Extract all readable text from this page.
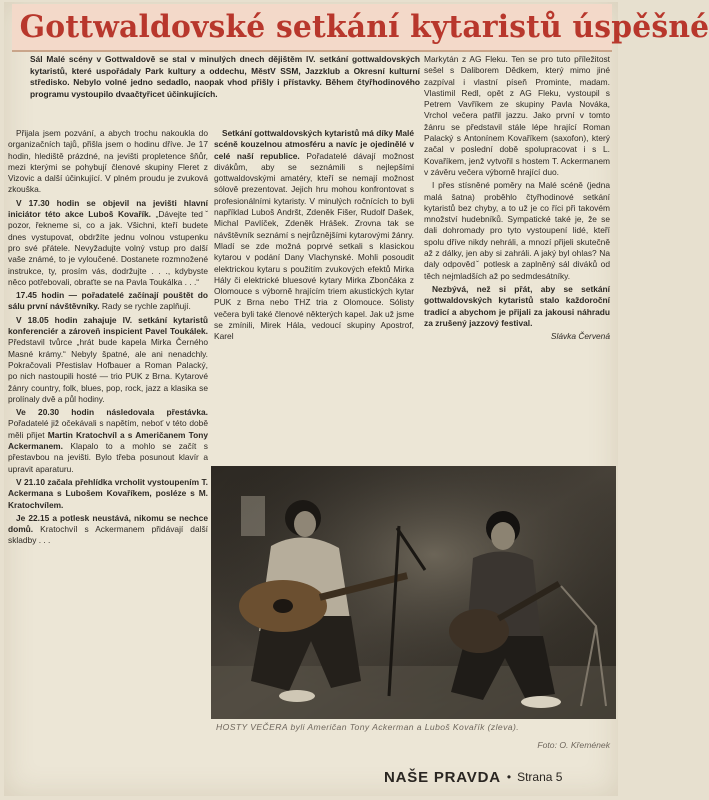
Gottwaldovské setkání kytaristů úspěšné

Sál Malé scény v Gottwaldově se stal v minulých dnech dějištěm IV. setkání gottwaldovských kytaristů, které uspořádaly Park kultury a oddechu, MěstV SSM, Jazzklub a Okresní kulturní středisko. Nebylo volné jedno sedadlo, naopak vhod přišly i přístavky. Během čtyřhodinového programu vystoupilo dvaačtyřicet účinkujících.

Přijala jsem pozvání, a abych trochu nakoukla do organizačních tajů, přišla jsem o hodinu dříve. Je 17 hodin, hlediště prázdné, na jevišti propletence šňůr, mezi kterými se pohybují členové skupiny Fleret z Vizovic a další účinkující. V plném proudu je zvuková zkouška.

V 17.30 hodin se objevil na jevišti hlavní iniciátor této akce Luboš Kovařík. „Dávejte tedˇ pozor, řekneme si, co a jak. Všichni, kteří budete dnes vystupovat, obdržíte jednu volnou vstupenku pro své přátele. Nevyžadujte volný vstup pro další vaše známé, to je vyloučené. Dostanete rozmnožené instrukce, ty, prosím vás, dodržujte . . ., kdybyste něco potřebovali, obraťte se na Pavla Toukálka . . .“

17.45 hodin — pořadatelé začínají pouštět do sálu první návštěvníky. Rady se rychle zaplňují.

V 18.05 hodin zahajuje IV. setkání kytaristů konferenciér a zároveň inspicient Pavel Toukálek. Představil tvůrce „hrát bude kapela Mirka Černého Masné krámy.“ Nebyly špatné, ale ani nenadchly. Pokračovali Přestislav Hofbauer a Roman Palacký, po nich nastoupili hosté — trio PUK z Brna. Kytarové žánry country, folk, blues, pop, rock, jazz a klasika se prolínaly dvě a půl hodiny.

Ve 20.30 hodin následovala přestávka. Pořadatelé již očekávali s napětím, neboť v této době měli přijet Martin Kratochvíl a s Američanem Tony Ackermanem. Klapalo to a mohlo se začít s přestavbou na jevišti. Bylo třeba posunout klavír a upravit aparaturu.

V 21.10 začala přehlídka vrcholit vystoupením T. Ackermana s Lubošem Kovaříkem, posléze s M. Kratochvílem.

Je 22.15 a potlesk neustává, nikomu se nechce domů. Kratochvíl s Ackermanem přidávají další skladby . . .

Setkání gottwaldovských kytaristů má díky Malé scéně kouzelnou atmosféru a navíc je ojedinělé v celé naší republice. Pořadatelé dávají možnost divákům, aby se seznámili s nejlepšími gottwaldovskými amatéry, kteří se nemají možnost sólově prezentovat. Jejich hru mohou konfrontovat s profesionálními kytaristy. V minulých ročnících to byli například Luboš Andršt, Zdeněk Fišer, Rudolf Dašek, Michal Pavlíček, Zdeněk Hrášek. Zrovna tak se návštěvník seznámí s nejrůznějšími kytarovými žánry. Mladí se zde možná poprvé setkali s klasickou kytarou v podání Dany Vlachynské. Mohli posoudit elektrickou kytaru s použitím zvukových efektů Mirka Hály či elektrické bluesové kytary Mirka Zbončáka z Olomouce s výborně hrajícím triem akustických kytar PUK z Brna nebo THZ tria z Olomouce. Sólisty večera byli také členové některých kapel. Jak už jsme se zmínili, Mirek Hála, vedoucí skupiny Apostrof, Karel

Markytán z AG Fleku. Ten se pro tuto příležitost sešel s Daliborem Dědkem, který mimo jiné zazpíval i vlastní píseň Prominte, madam. Vlastimil Redl, opět z AG Fleku, vystoupil s Petrem Vavříkem ze skupiny Pavla Nováka, Vrchol večera patřil jazzu. Jako první v tomto žánru se představil stále lépe hrající Roman Palacký s Antonínem Kovaříkem (saxofon), který začal v poslední době spolupracovat i s L. Kovaříkem, jenž vytvořil s hostem T. Ackermanem v závěru večera výborně hrající duo.

I přes stísněné poměry na Malé scéně (jedna malá šatna) proběhlo čtyřhodinové setkání kytaristů bez chyby, a to už je co říci při takovém množství hudebníků. Sympatické také je, že se dali dohromady pro tyto vystoupení lidé, kteří spolu dříve nikdy nehráli, a mnozí přijeli skutečně až z dálky, jen aby si zahráli. A jaký byl ohlas? Na daly odpovědˇ potlesk a zaplněný sál diváků od těch nejmladších až po sedmdesátníky.

Nezbývá, než si přát, aby se setkání gottwaldovských kytaristů stalo každoroční tradicí a abychom je přijali za jakousi náhradu za zrušený jazzový festival.

Slávka Červená
HOSTY VEČERA byli Američan Tony Ackerman a Luboš Kovařík (zleva).
Foto: O. Křemének
NAŠE PRAVDA • Strana 5
